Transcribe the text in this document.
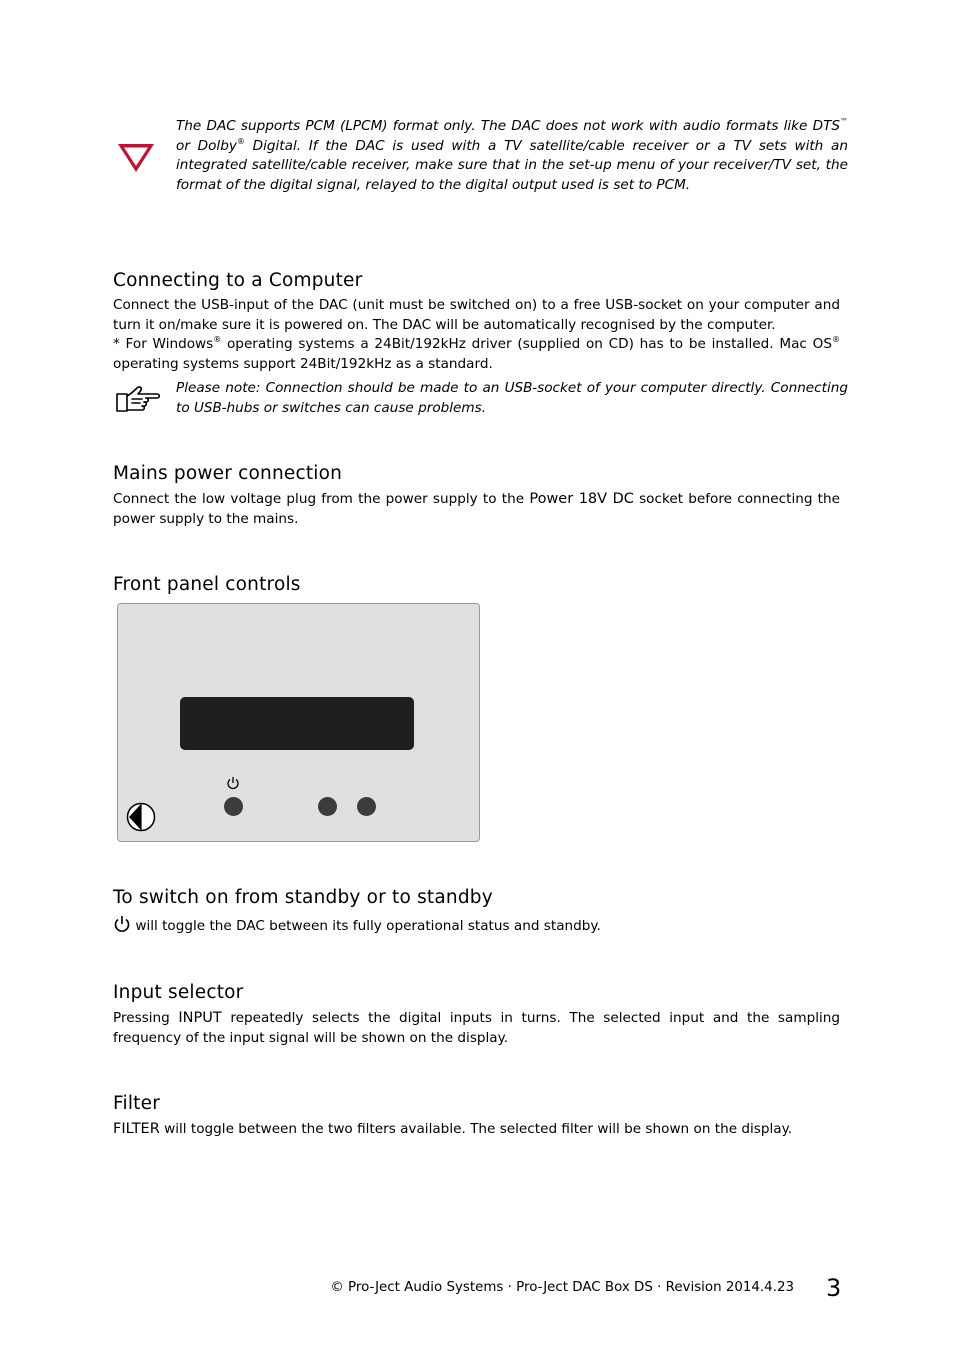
The DAC supports PCM (LPCM) format only. The DAC does not work with audio formats like DTS™ or Dolby® Digital. If the DAC is used with a TV satellite/cable receiver or a TV sets with an integrated satellite/cable receiver, make sure that in the set-up menu of your receiver/TV set, the format of the digital signal, relayed to the digital output used is set to PCM.
Connecting to a Computer

Connect the USB-input of the DAC (unit must be switched on) to a free USB-socket on your computer and turn it on/make sure it is powered on. The DAC will be automatically recognised by the computer.

* For Windows® operating systems a 24Bit/192kHz driver (supplied on CD) has to be installed. Mac OS® operating systems support 24Bit/192kHz as a standard.

Please note: Connection should be made to an USB-socket of your computer directly. Connecting to USB-hubs or switches can cause problems.
Mains power connection
Connect the low voltage plug from the power supply to the Power 18V DC socket before connecting the power supply to the mains.
Front panel controls
To switch on from standby or to standby
will toggle the DAC between its fully operational status and standby.
Input selector
Pressing INPUT repeatedly selects the digital inputs in turns. The selected input and the sampling frequency of the input signal will be shown on the display.
Filter
FILTER will toggle between the two filters available. The selected filter will be shown on the display.
© Pro-Ject Audio Systems · Pro-Ject DAC Box DS · Revision 2014.4.23 3
